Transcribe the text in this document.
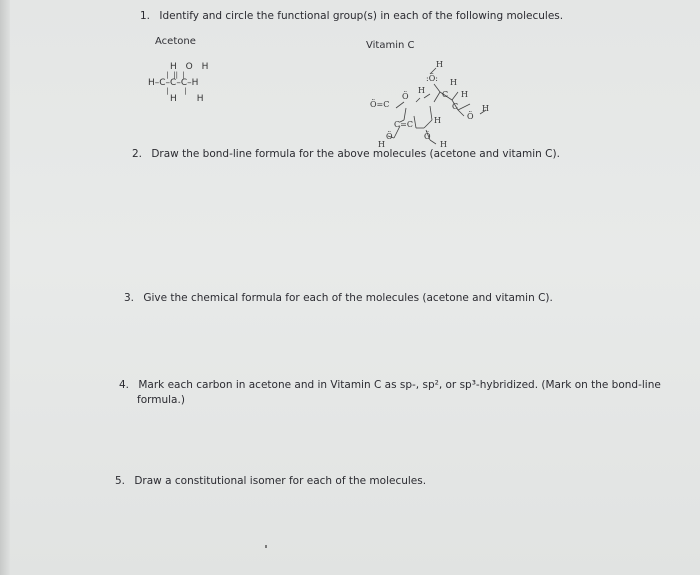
1. Identify and circle the functional group(s) in each of the following molecules.
Acetone	Vitamin C
H O H
|  ||  |
H–C–C–C–H
|       |
H       H
H
:Ö: H
H C H
C
Ö=C
Ö
H
Ö
C=C	H
H
Ö	Ö
H
2. Draw the bond-line formula for the above molecules (acetone and vitamin C).
3. Give the chemical formula for each of the molecules (acetone and vitamin C).
4. Mark each carbon in acetone and in Vitamin C as sp-, sp², or sp³-hybridized. (Mark on the bond-line
formula.)
5. Draw a constitutional isomer for each of the molecules.
